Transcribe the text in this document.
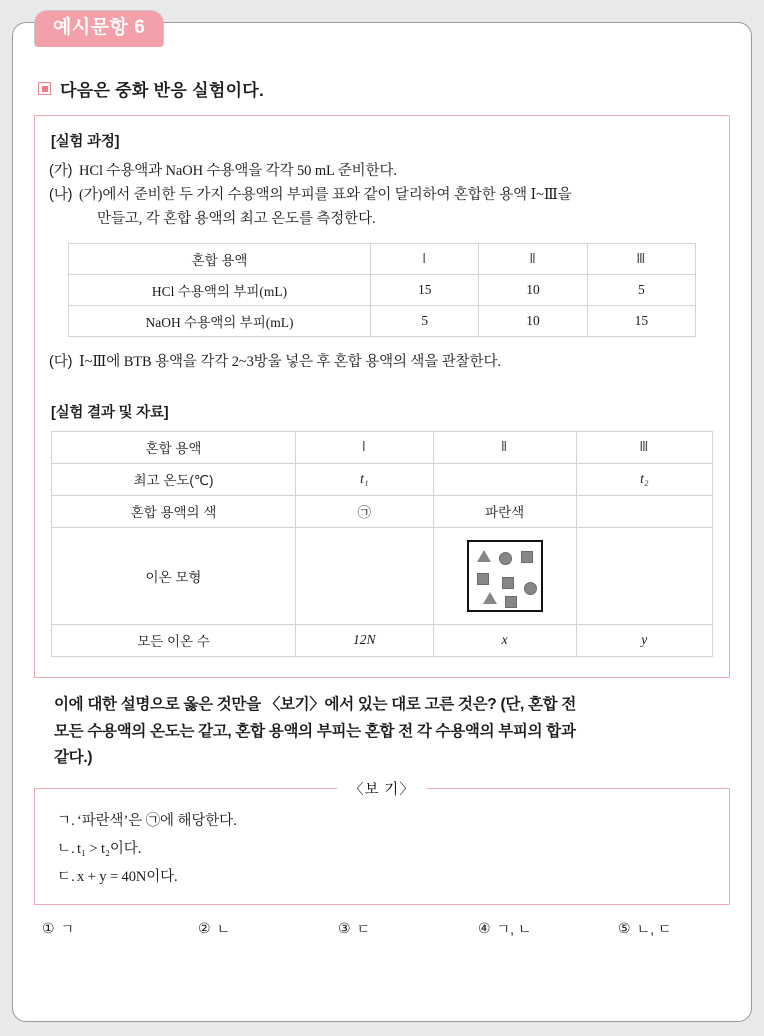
예시문항 6
다음은 중화 반응 실험이다.
[실험 과정]
(가) HCl 수용액과 NaOH 수용액을 각각 50 mL 준비한다.
(나) (가)에서 준비한 두 가지 수용액의 부피를 표와 같이 달리하여 혼합한 용액 Ⅰ~Ⅲ을
만들고, 각 혼합 용액의 최고 온도를 측정한다.
혼합 용액	Ⅰ	Ⅱ	Ⅲ
HCl 수용액의 부피(mL)	15	10	5
NaOH 수용액의 부피(mL)	5	10	15
(다) Ⅰ~Ⅲ에 BTB 용액을 각각 2~3방울 넣은 후 혼합 용액의 색을 관찰한다.
[실험 결과 및 자료]
혼합 용액	Ⅰ	Ⅱ	Ⅲ
최고 온도(℃)	t₁		t₂
혼합 용액의 색	㉠	파란색	
이온 모형		

모든 이온 수	12N	x	y
이에 대한 설명으로 옳은 것만을 〈보기〉에서 있는 대로 고른 것은? (단, 혼합 전
모든 수용액의 온도는 같고, 혼합 용액의 부피는 혼합 전 각 수용액의 부피의 합과
같다.)
〈보 기〉
ㄱ. ‘파란색’은 ㉠에 해당한다.
ㄴ. t₁ > t₂이다.
ㄷ. x + y = 40N이다.
① ㄱ	② ㄴ	③ ㄷ	④ ㄱ, ㄴ	⑤ ㄴ, ㄷ
